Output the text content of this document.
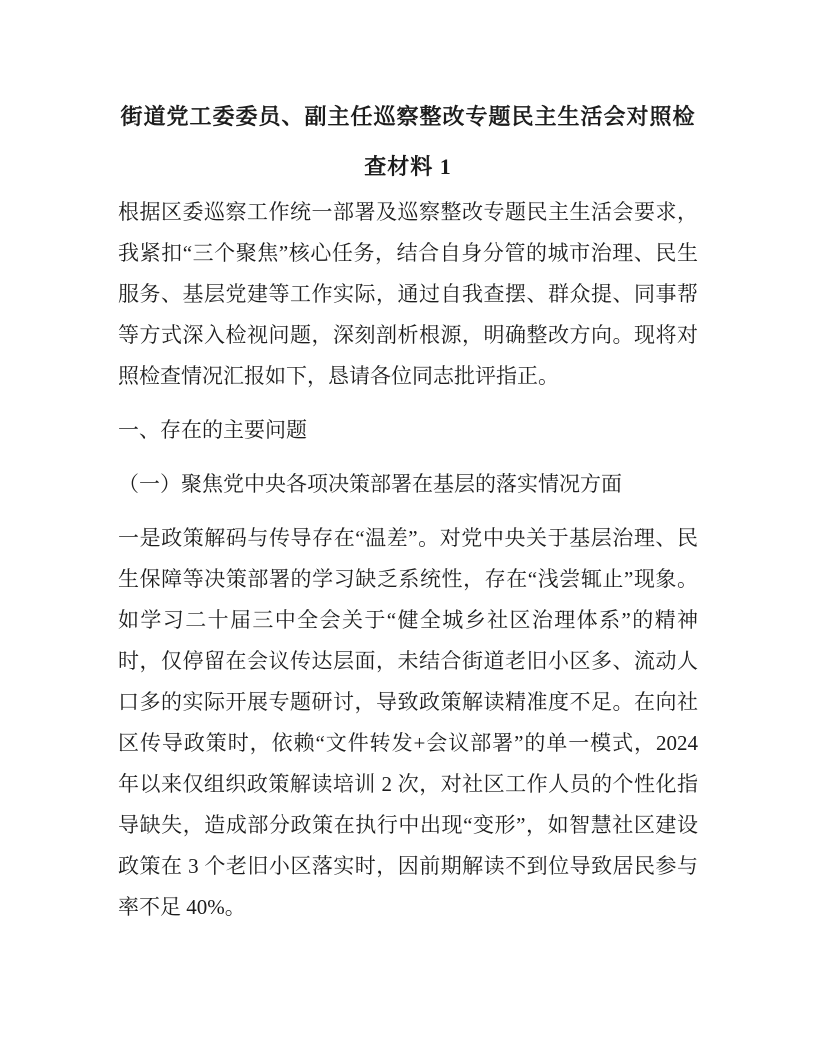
街道党工委委员、副主任巡察整改专题民主生活会对照检查材料 1

根据区委巡察工作统一部署及巡察整改专题民主生活会要求，我紧扣“三个聚焦”核心任务，结合自身分管的城市治理、民生服务、基层党建等工作实际，通过自我查摆、群众提、同事帮等方式深入检视问题，深刻剖析根源，明确整改方向。现将对照检查情况汇报如下，恳请各位同志批评指正。

一、存在的主要问题

（一）聚焦党中央各项决策部署在基层的落实情况方面

一是政策解码与传导存在“温差”。对党中央关于基层治理、民生保障等决策部署的学习缺乏系统性，存在“浅尝辄止”现象。如学习二十届三中全会关于“健全城乡社区治理体系”的精神时，仅停留在会议传达层面，未结合街道老旧小区多、流动人口多的实际开展专题研讨，导致政策解读精准度不足。在向社区传导政策时，依赖“文件转发+会议部署”的单一模式，2024 年以来仅组织政策解读培训 2 次，对社区工作人员的个性化指导缺失，造成部分政策在执行中出现“变形”，如智慧社区建设政策在 3 个老旧小区落实时，因前期解读不到位导致居民参与率不足 40%。
